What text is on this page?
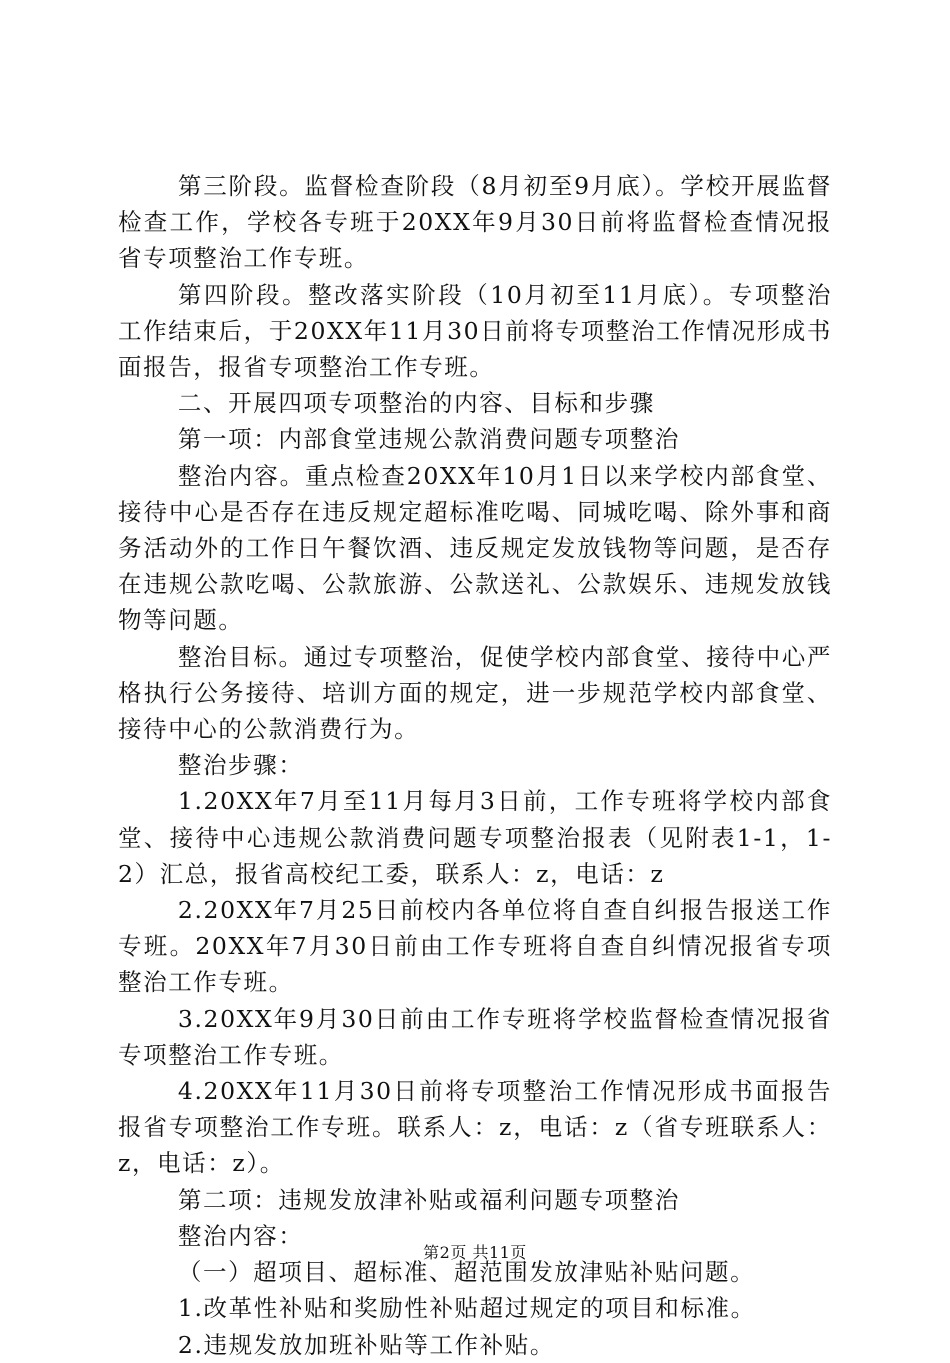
第三阶段。监督检查阶段（8月初至9月底）。学校开展监督检查工作，学校各专班于20XX年9月30日前将监督检查情况报省专项整治工作专班。

第四阶段。整改落实阶段（10月初至11月底）。专项整治工作结束后，于20XX年11月30日前将专项整治工作情况形成书面报告，报省专项整治工作专班。

二、开展四项专项整治的内容、目标和步骤

第一项：内部食堂违规公款消费问题专项整治

整治内容。重点检查20XX年10月1日以来学校内部食堂、接待中心是否存在违反规定超标准吃喝、同城吃喝、除外事和商务活动外的工作日午餐饮酒、违反规定发放钱物等问题，是否存在违规公款吃喝、公款旅游、公款送礼、公款娱乐、违规发放钱物等问题。

整治目标。通过专项整治，促使学校内部食堂、接待中心严格执行公务接待、培训方面的规定，进一步规范学校内部食堂、接待中心的公款消费行为。

整治步骤：

1.20XX年7月至11月每月3日前，工作专班将学校内部食堂、接待中心违规公款消费问题专项整治报表（见附表1-1，1-2）汇总，报省高校纪工委，联系人：z，电话：z

2.20XX年7月25日前校内各单位将自查自纠报告报送工作专班。20XX年7月30日前由工作专班将自查自纠情况报省专项整治工作专班。

3.20XX年9月30日前由工作专班将学校监督检查情况报省专项整治工作专班。

4.20XX年11月30日前将专项整治工作情况形成书面报告报省专项整治工作专班。联系人：z，电话：z（省专班联系人：z，电话：z）。

第二项：违规发放津补贴或福利问题专项整治

整治内容：

（一）超项目、超标准、超范围发放津贴补贴问题。

1.改革性补贴和奖励性补贴超过规定的项目和标准。

2.违规发放加班补贴等工作补贴。

第2页 共11页
